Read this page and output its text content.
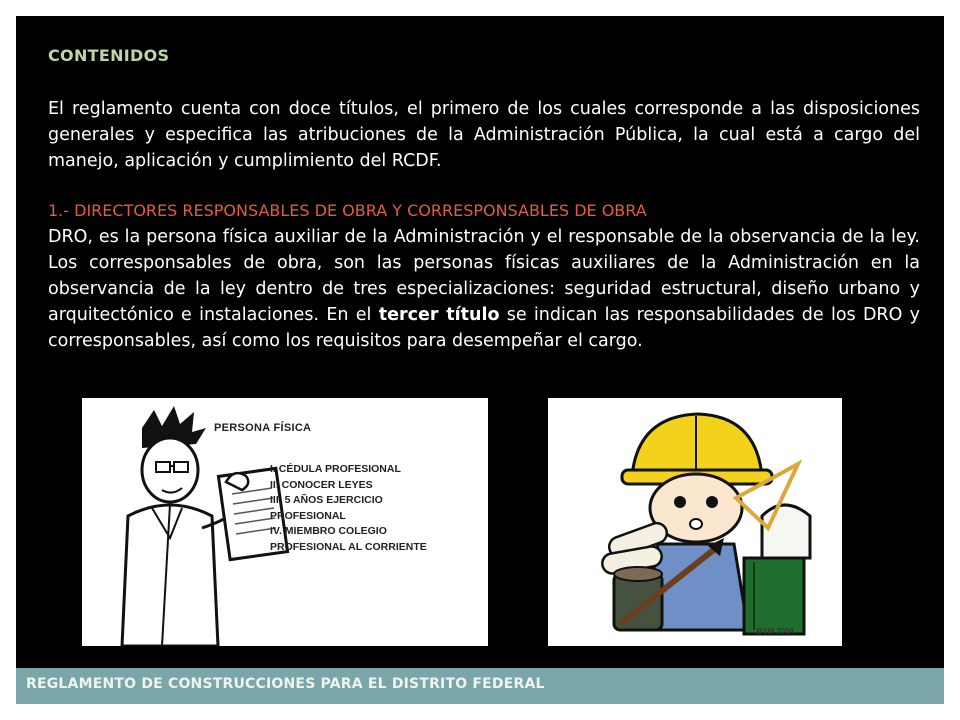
CONTENIDOS

El reglamento cuenta con doce títulos, el primero de los cuales corresponde a las disposiciones generales y especifica las atribuciones de la Administración Pública, la cual está a cargo del manejo, aplicación y cumplimiento del RCDF.

1.- DIRECTORES RESPONSABLES DE OBRA Y CORRESPONSABLES DE OBRA

DRO, es la persona física auxiliar de la Administración y el responsable de la observancia de la ley. Los corresponsables de obra, son las personas físicas auxiliares de la Administración en la observancia de la ley dentro de tres especializaciones: seguridad estructural, diseño urbano y arquitectónico e instalaciones. En el tercer título se indican las responsabilidades de los DRO y corresponsables, así como los requisitos para desempeñar el cargo.

PERSONA FÍSICA
I. CÉDULA PROFESIONAL
II. CONOCER LEYES
III. 5 AÑOS EJERCICIO
PROFESIONAL
IV. MIEMBRO COLEGIO
PROFESIONAL AL CORRIENTE
BYM 2004
REGLAMENTO DE CONSTRUCCIONES PARA EL DISTRITO FEDERAL
